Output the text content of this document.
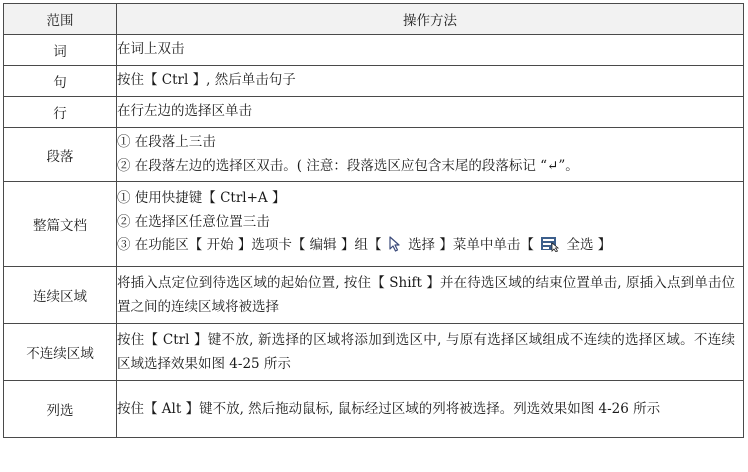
范围	操作方法
词	在词上双击

句	按住【 Ctrl 】, 然后单击句子

行	在行左边的选择区单击

段落	① 在段落上三击
② 在段落左边的选择区双击。( 注意：段落选区应包含末尾的段落标记 “↵”。

整篇文档	① 使用快捷键【 Ctrl+A 】
② 在选择区任意位置三击
③ 在功能区【 开始 】选项卡【 编辑 】组【 选择 】菜单中单击【 全选 】

连续区域	将插入点定位到待选区域的起始位置, 按住【 Shift 】并在待选区域的结束位置单击, 原插入点到单击位置之间的连续区域将被选择

不连续区域	按住【 Ctrl 】键不放, 新选择的区域将添加到选区中, 与原有选择区域组成不连续的选择区域。不连续区域选择效果如图 4-25 所示

列选	按住【 Alt 】键不放, 然后拖动鼠标, 鼠标经过区域的列将被选择。列选效果如图 4-26 所示
